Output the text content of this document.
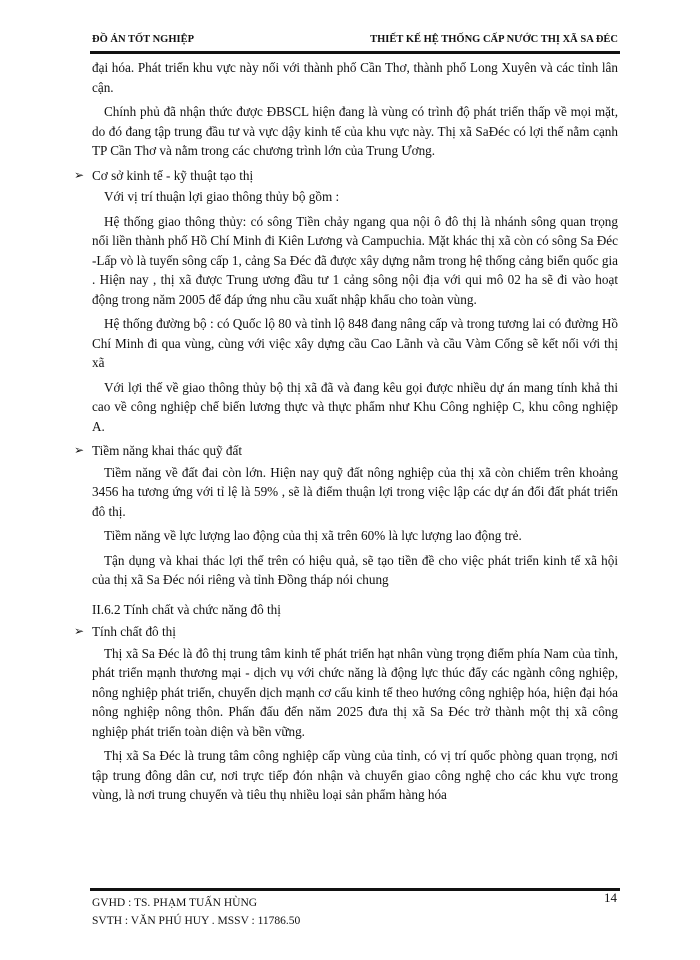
ĐỒ ÁN TỐT NGHIỆP	THIẾT KẾ HỆ THỐNG CẤP NƯỚC THỊ XÃ SA ĐÉC

đại hóa. Phát triển khu vực này nối với thành phố Cần Thơ, thành phố Long Xuyên và các tỉnh lân cận.

Chính phủ đã nhận thức được ĐBSCL hiện đang là vùng có trình độ phát triển thấp về mọi mặt, do đó đang tập trung đầu tư và vực dậy kinh tế của khu vực này. Thị xã SaĐéc có lợi thế nằm cạnh TP Cần Thơ và nằm trong các chương trình lớn của Trung Ương.

➢ Cơ sở kinh tế - kỹ thuật tạo thị

Với vị trí thuận lợi giao thông thủy bộ gồm :

Hệ thống giao thông thủy: có sông Tiền chảy ngang qua nội ô đô thị là nhánh sông quan trọng nối liền thành phố Hồ Chí Minh đi Kiên Lương và Campuchia. Mặt khác thị xã còn có sông Sa Đéc -Lấp vò là tuyến sông cấp 1, cảng Sa Đéc đã được xây dựng nằm trong hệ thống cảng biển quốc gia . Hiện nay , thị xã được Trung ương đầu tư 1 cảng sông nội địa với qui mô 02 ha sẽ đi vào hoạt động trong năm 2005 để đáp ứng nhu cầu xuất nhập khẩu cho toàn vùng.

Hệ thống đường bộ : có Quốc lộ 80 và tỉnh lộ 848 đang nâng cấp và trong tương lai có đường Hồ Chí Minh đi qua vùng, cùng với việc xây dựng cầu Cao Lãnh và cầu Vàm Cống sẽ kết nối với thị xã

Với lợi thế về giao thông thủy bộ thị xã đã và đang kêu gọi được nhiều dự án mang tính khả thi cao về công nghiệp chế biến lương thực và thực phẩm như Khu Công nghiệp C, khu công nghiệp A.

➢ Tiềm năng khai thác quỹ đất

Tiềm năng về đất đai còn lớn. Hiện nay quỹ đất nông nghiệp của thị xã còn chiếm trên khoảng 3456 ha tương ứng với tỉ lệ là 59% , sẽ là điểm thuận lợi trong việc lập các dự án đổi đất phát triển đô thị.

Tiềm năng về lực lượng lao động của thị xã trên 60% là lực lượng lao động trẻ.

Tận dụng và khai thác lợi thế trên có hiệu quả, sẽ tạo tiền đề cho việc phát triển kinh tế xã hội của thị xã Sa Đéc nói riêng và tỉnh Đồng tháp nói chung

II.6.2 Tính chất và chức năng đô thị

➢ Tính chất đô thị

Thị xã Sa Đéc là đô thị trung tâm kinh tế phát triển hạt nhân vùng trọng điểm phía Nam của tỉnh, phát triển mạnh thương mại - dịch vụ với chức năng là động lực thúc đẩy các ngành công nghiệp, nông nghiệp phát triển, chuyển dịch mạnh cơ cấu kinh tế theo hướng công nghiệp hóa, hiện đại hóa nông nghiệp nông thôn. Phấn đấu đến năm 2025 đưa thị xã Sa Đéc trở thành một thị xã công nghiệp phát triển toàn diện và bền vững.

Thị xã Sa Đéc là trung tâm công nghiệp cấp vùng của tỉnh, có vị trí quốc phòng quan trọng, nơi tập trung đông dân cư, nơi trực tiếp đón nhận và chuyển giao công nghệ cho các khu vực trong vùng, là nơi trung chuyển và tiêu thụ nhiều loại sản phẩm hàng hóa

GVHD : TS. PHẠM TUẤN HÙNG
SVTH : VĂN PHÚ HUY . MSSV : 11786.50
14
